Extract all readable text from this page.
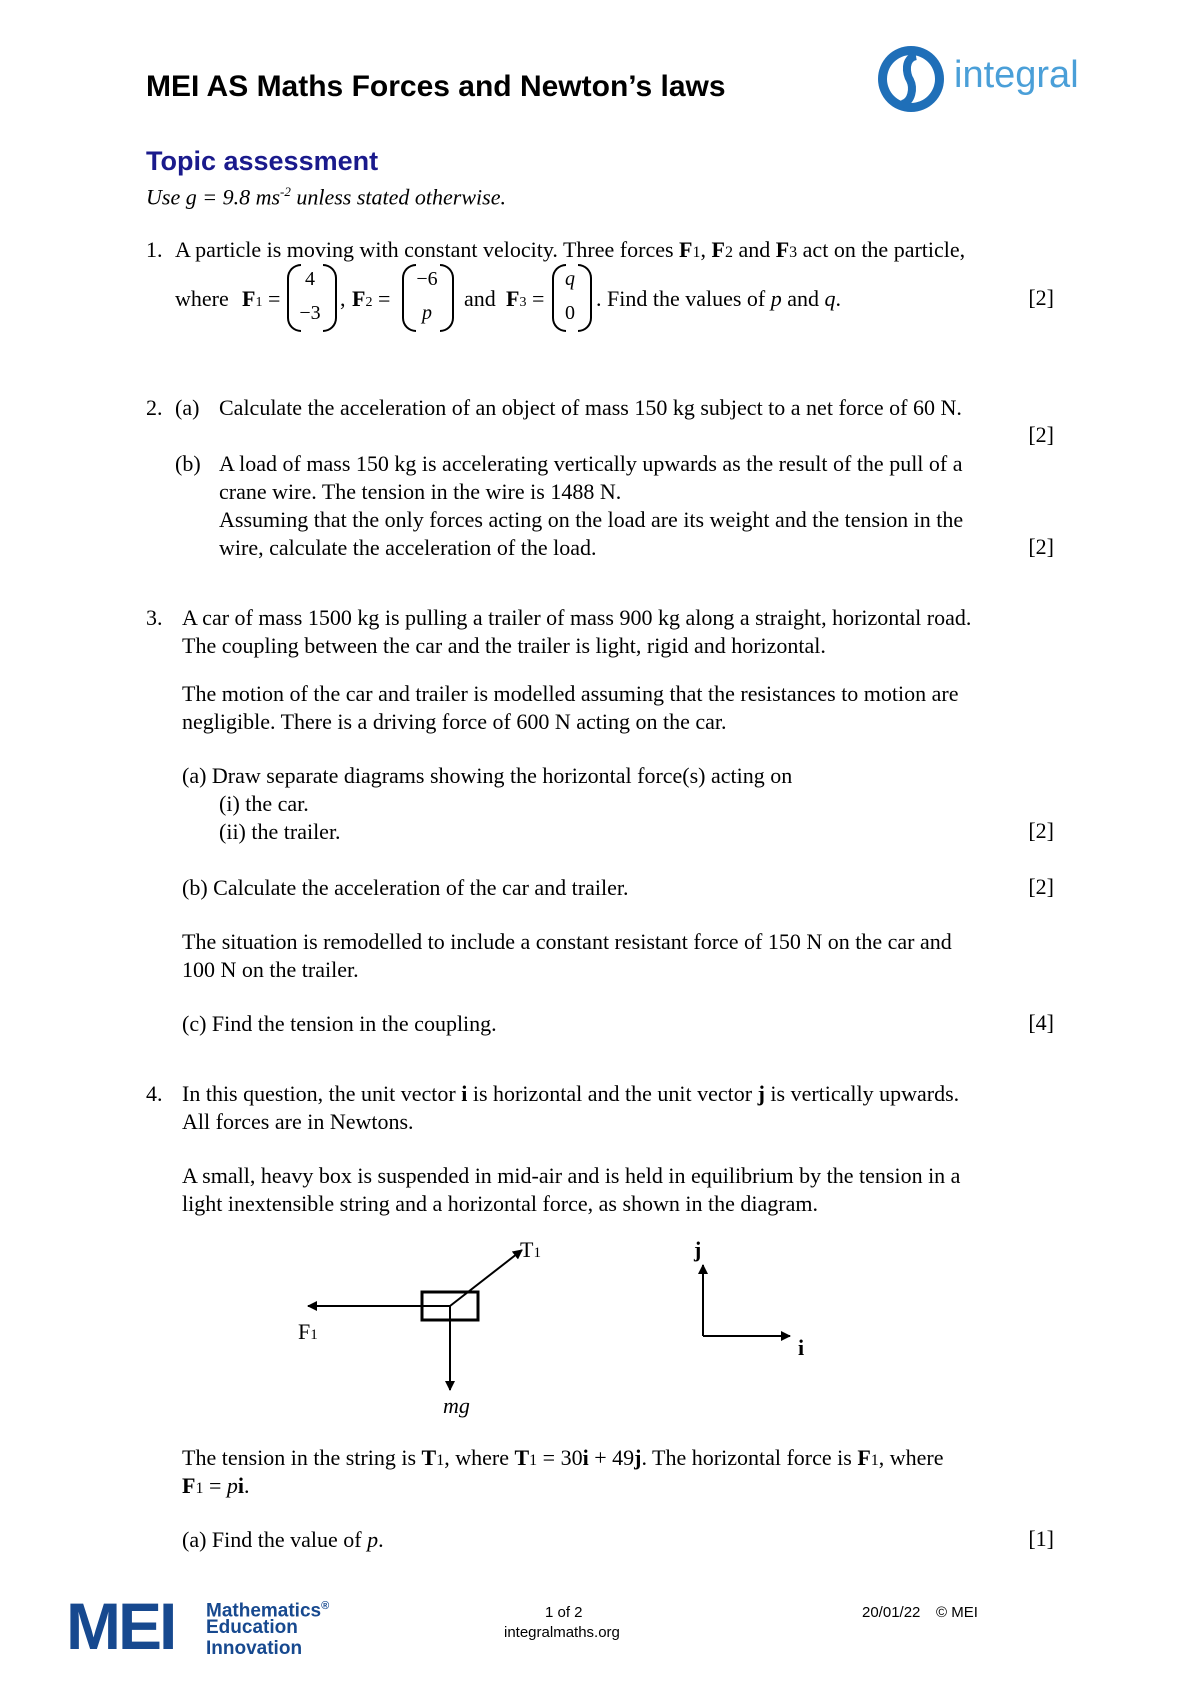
MEI AS Maths Forces and Newton’s laws	integral
Topic assessment
Use g = 9.8 $ms^{-2}$ unless stated otherwise.
1. A particle is moving with constant velocity. Three forces F1, F2 and F3 act on the particle,
where F1 =
4
−3
, F2 =
−6
p
and F3 =
q
0
. Find the values of p and q.	[2]
2. (a) Calculate the acceleration of an object of mass 150 kg subject to a net force of 60 N.
[2]
(b) A load of mass 150 kg is accelerating vertically upwards as the result of the pull of a
crane wire. The tension in the wire is 1488 N.
Assuming that the only forces acting on the load are its weight and the tension in the
wire, calculate the acceleration of the load.	[2]
3. A car of mass 1500 kg is pulling a trailer of mass 900 kg along a straight, horizontal road.
The coupling between the car and the trailer is light, rigid and horizontal.
The motion of the car and trailer is modelled assuming that the resistances to motion are
negligible. There is a driving force of 600 N acting on the car.
(a) Draw separate diagrams showing the horizontal force(s) acting on
(i) the car.
(ii) the trailer.	[2]
(b) Calculate the acceleration of the car and trailer.	[2]
The situation is remodelled to include a constant resistant force of 150 N on the car and
100 N on the trailer.
(c) Find the tension in the coupling.	[4]
4. In this question, the unit vector i is horizontal and the unit vector j is vertically upwards.
All forces are in Newtons.
A small, heavy box is suspended in mid-air and is held in equilibrium by the tension in a
light inextensible string and a horizontal force, as shown in the diagram.
T1
F1
mg
j
i
The tension in the string is T1, where T1 = 30i + 49j. The horizontal force is F1, where
F1 = pi.
(a) Find the value of p.	[1]
MEI Mathematics®
Education
Innovation
1 of 2
integralmaths.org
20/01/22 © MEI
